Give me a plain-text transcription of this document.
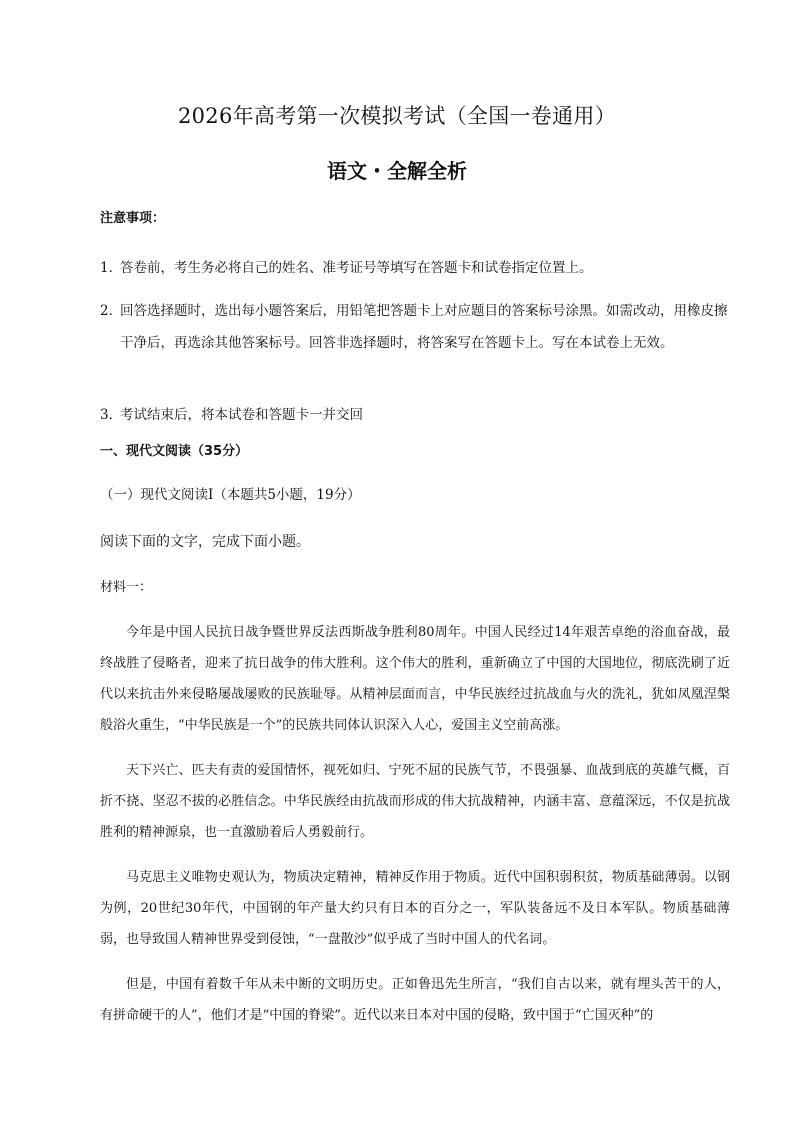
2026年高考第一次模拟考试（全国一卷通用）
语文・全解全析
注意事项：
1．
答卷前，考生务必将自己的姓名、准考证号等填写在答题卡和试卷指定位置上。
2．
回答选择题时，选出每小题答案后，用铅笔把答题卡上对应题目的答案标号涂黑。如需改动，用橡皮擦干净后，再选涂其他答案标号。回答非选择题时，将答案写在答题卡上。写在本试卷上无效。
3．
考试结束后，将本试卷和答题卡一并交回
一、现代文阅读（35分）
（一）现代文阅读Ⅰ（本题共5小题，19分）
阅读下面的文字，完成下面小题。
材料一：
今年是中国人民抗日战争暨世界反法西斯战争胜利80周年。中国人民经过14年艰苦卓绝的浴血奋战，最终战胜了侵略者，迎来了抗日战争的伟大胜利。这个伟大的胜利，重新确立了中国的大国地位，彻底洗刷了近代以来抗击外来侵略屡战屡败的民族耻辱。从精神层面而言，中华民族经过抗战血与火的洗礼，犹如凤凰涅槃般浴火重生，“中华民族是一个”的民族共同体认识深入人心，爱国主义空前高涨。
天下兴亡、匹夫有责的爱国情怀，视死如归、宁死不屈的民族气节，不畏强暴、血战到底的英雄气概，百折不挠、坚忍不拔的必胜信念。中华民族经由抗战而形成的伟大抗战精神，内涵丰富、意蕴深远，不仅是抗战胜利的精神源泉，也一直激励着后人勇毅前行。
马克思主义唯物史观认为，物质决定精神，精神反作用于物质。近代中国积弱积贫，物质基础薄弱。以钢为例，20世纪30年代，中国钢的年产量大约只有日本的百分之一，军队装备远不及日本军队。物质基础薄弱，也导致国人精神世界受到侵蚀，“一盘散沙”似乎成了当时中国人的代名词。
但是，中国有着数千年从未中断的文明历史。正如鲁迅先生所言，“我们自古以来，就有埋头苦干的人，有拼命硬干的人”，他们才是“中国的脊梁”。近代以来日本对中国的侵略，致中国于“亡国灭种”的
